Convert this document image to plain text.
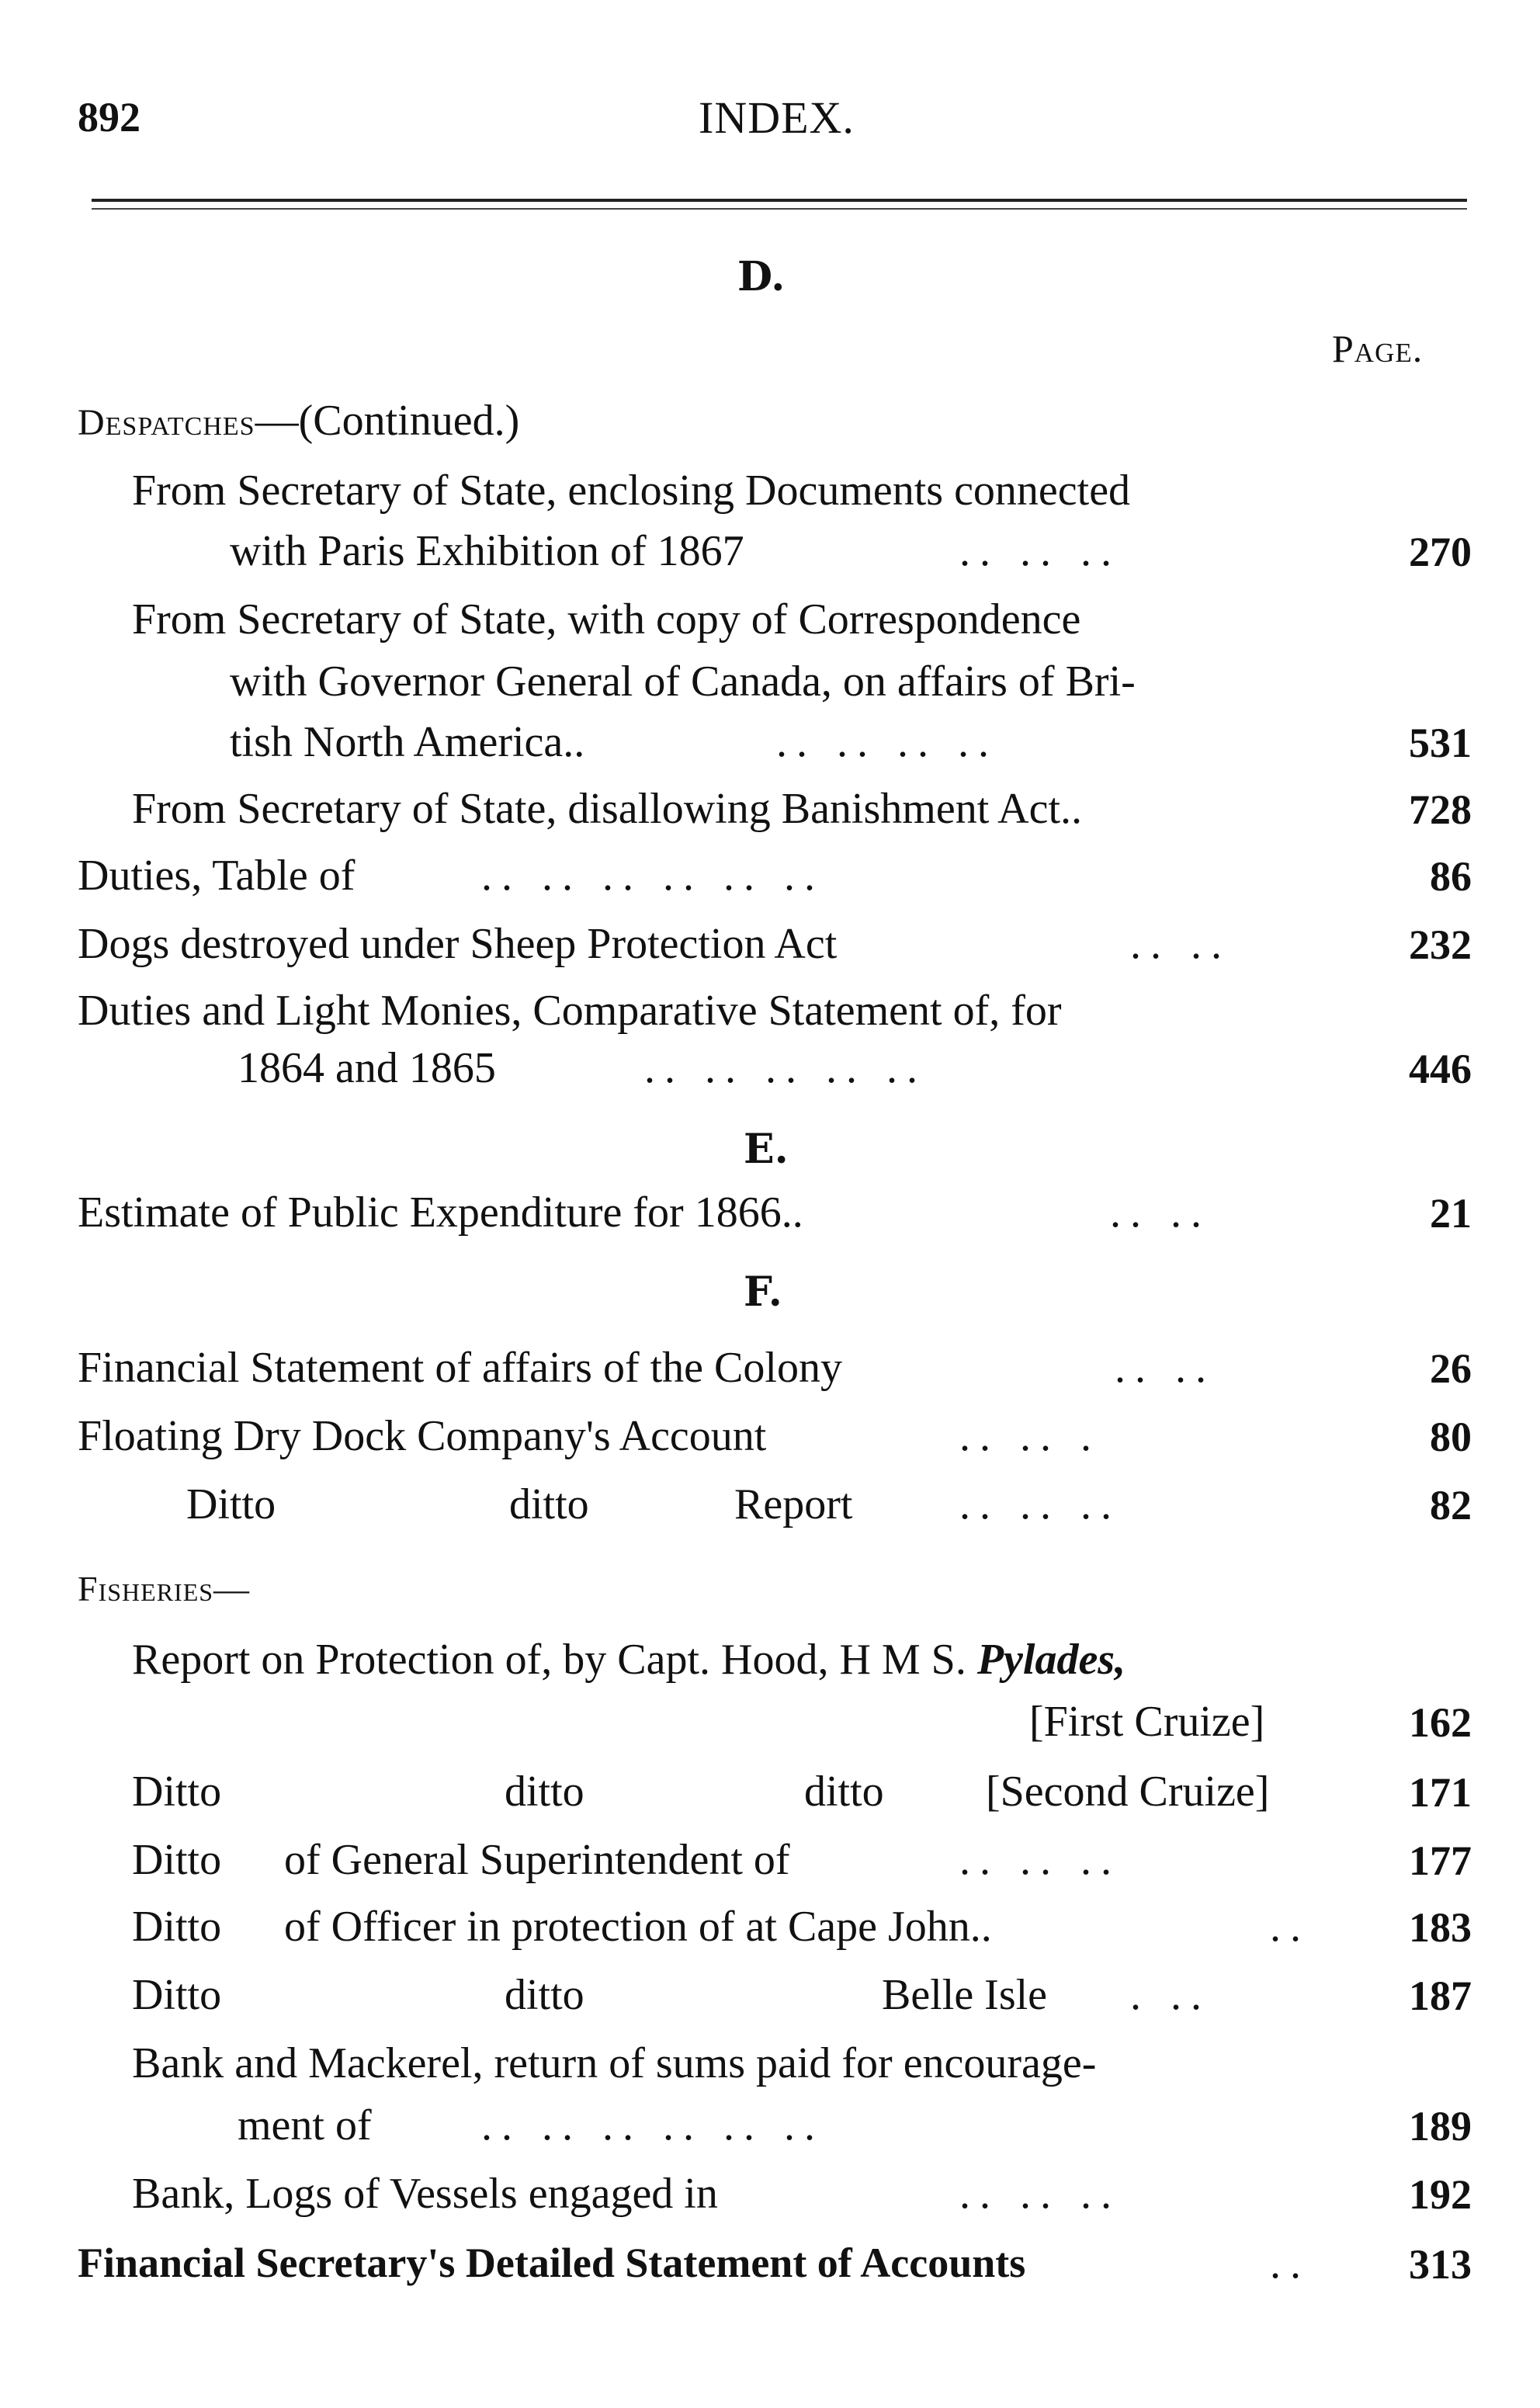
892	INDEX.
D.
Page.
Despatches—(Continued.)
From Secretary of State, enclosing Documents connected
with Paris Exhibition of 1867	.. .. ..	270
From Secretary of State, with copy of Correspondence
with Governor General of Canada, on affairs of Bri-
tish North America..	.. .. .. ..	531
From Secretary of State, disallowing Banishment Act..	728
Duties, Table of	.. .. .. .. .. ..	86
Dogs destroyed under Sheep Protection Act	.. ..	232
Duties and Light Monies, Comparative Statement of, for
1864 and 1865	.. .. .. .. ..	446
E.
Estimate of Public Expenditure for 1866..	.. ..	21
F.
Financial Statement of affairs of the Colony	.. ..	26
Floating Dry Dock Company's Account	.. .. .	80
Ditto	ditto	Report .. .. ..	82
Fisheries—
Report on Protection of, by Capt. Hood, H M S. Pylades,
[First Cruize]	162
Ditto	ditto	ditto [Second Cruize]	171
Ditto of General Superintendent of	.. .. ..	177
Ditto of Officer in protection of at Cape John..	..	183
Ditto	ditto	Belle Isle . ..	187
Bank and Mackerel, return of sums paid for encourage-
ment of	.. .. .. .. .. ..	189
Bank, Logs of Vessels engaged in	.. .. ..	192
Financial Secretary's Detailed Statement of Accounts	..	313
